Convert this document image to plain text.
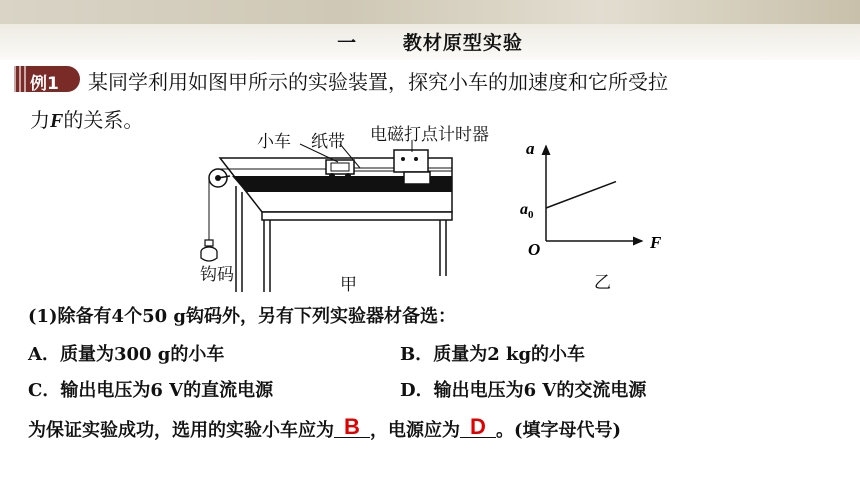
一 教材原型实验
例1 某同学利用如图甲所示的实验装置，探究小车的加速度和它所受拉
力F的关系。
小车 纸带 电磁打点计时器
钩码	甲
a
F
O
$a_0$
乙
(1)除备有4个50 g钩码外，另有下列实验器材备选：
A．质量为300 g的小车	B．质量为2 kg的小车
C．输出电压为6 V的直流电源	D．输出电压为6 V的交流电源
为保证实验成功，选用的实验小车应为 B ，电源应为 D 。(填字母代号)
